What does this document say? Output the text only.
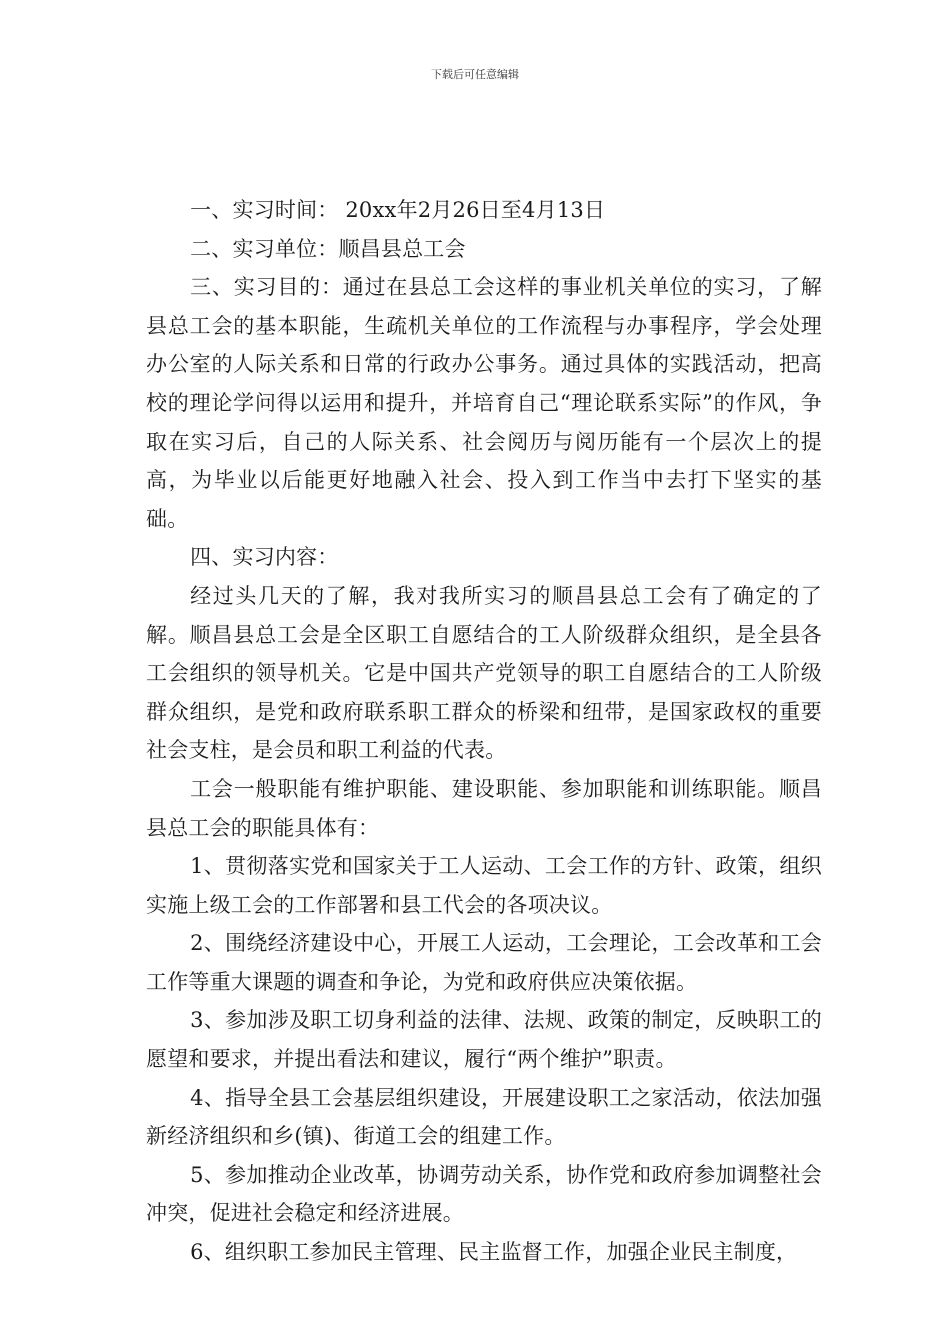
下载后可任意编辑

一、实习时间： 20xx年2月26日至4月13日

二、实习单位：顺昌县总工会

三、实习目的：通过在县总工会这样的事业机关单位的实习，了解县总工会的基本职能，生疏机关单位的工作流程与办事程序，学会处理办公室的人际关系和日常的行政办公事务。通过具体的实践活动，把高校的理论学问得以运用和提升，并培育自己“理论联系实际”的作风，争取在实习后，自己的人际关系、社会阅历与阅历能有一个层次上的提高，为毕业以后能更好地融入社会、投入到工作当中去打下坚实的基础。

四、实习内容：

经过头几天的了解，我对我所实习的顺昌县总工会有了确定的了解。顺昌县总工会是全区职工自愿结合的工人阶级群众组织，是全县各工会组织的领导机关。它是中国共产党领导的职工自愿结合的工人阶级群众组织，是党和政府联系职工群众的桥梁和纽带，是国家政权的重要社会支柱，是会员和职工利益的代表。

工会一般职能有维护职能、建设职能、参加职能和训练职能。顺昌县总工会的职能具体有：

1、贯彻落实党和国家关于工人运动、工会工作的方针、政策，组织实施上级工会的工作部署和县工代会的各项决议。

2、围绕经济建设中心，开展工人运动，工会理论，工会改革和工会工作等重大课题的调查和争论，为党和政府供应决策依据。

3、参加涉及职工切身利益的法律、法规、政策的制定，反映职工的愿望和要求，并提出看法和建议，履行“两个维护”职责。

4、指导全县工会基层组织建设，开展建设职工之家活动，依法加强新经济组织和乡(镇)、街道工会的组建工作。

5、参加推动企业改革，协调劳动关系，协作党和政府参加调整社会冲突，促进社会稳定和经济进展。

6、组织职工参加民主管理、民主监督工作，加强企业民主制度，
